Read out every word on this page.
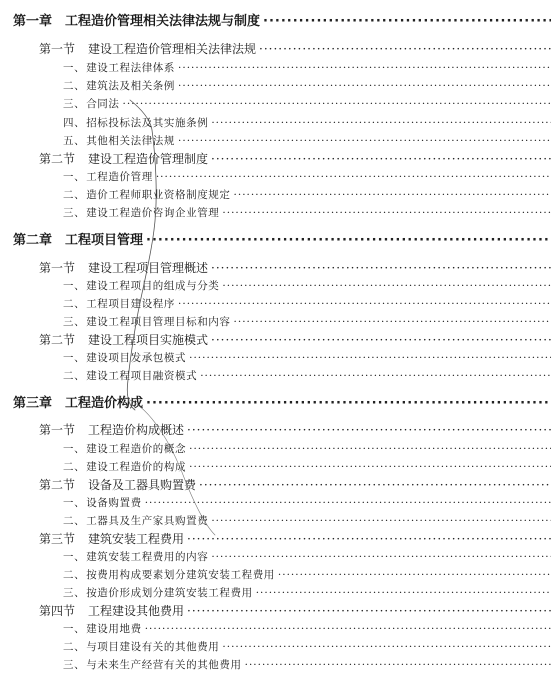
第一章 工程造价管理相关法律法规与制度
·····
第一节	建设工程造价管理相关法律法规
·····
一、 建设工程法律体系
·····
二、 建筑法及相关条例
·····
三、 合同法
·····
四、 招标投标法及其实施条例
·····
五、 其他相关法律法规
·····
第二节	建设工程造价管理制度
·····
一、 工程造价管理
·····
二、 造价工程师职业资格制度规定
·····
三、 建设工程造价咨询企业管理
·····
第二章 工程项目管理
·····
第一节	建设工程项目管理概述
·····
一、 建设工程项目的组成与分类
·····
二、 工程项目建设程序
·····
三、 建设工程项目管理目标和内容
·····
第二节	建设工程项目实施模式
·····
一、 建设项目发承包模式
·····
二、 建设工程项目融资模式
·····
第三章 工程造价构成
·····
第一节	工程造价构成概述
·····
一、 建设工程造价的概念
·····
二、 建设工程造价的构成
·····
第二节	设备及工器具购置费
·····
一、 设备购置费
·····
二、 工器具及生产家具购置费
·····
第三节	建筑安装工程费用
·····
一、 建筑安装工程费用的内容
·····
二、 按费用构成要素划分建筑安装工程费用
·····
三、 按造价形成划分建筑安装工程费用
·····
第四节	工程建设其他费用
·····
一、 建设用地费
·····
二、 与项目建设有关的其他费用
·····
三、 与未来生产经营有关的其他费用
·····
